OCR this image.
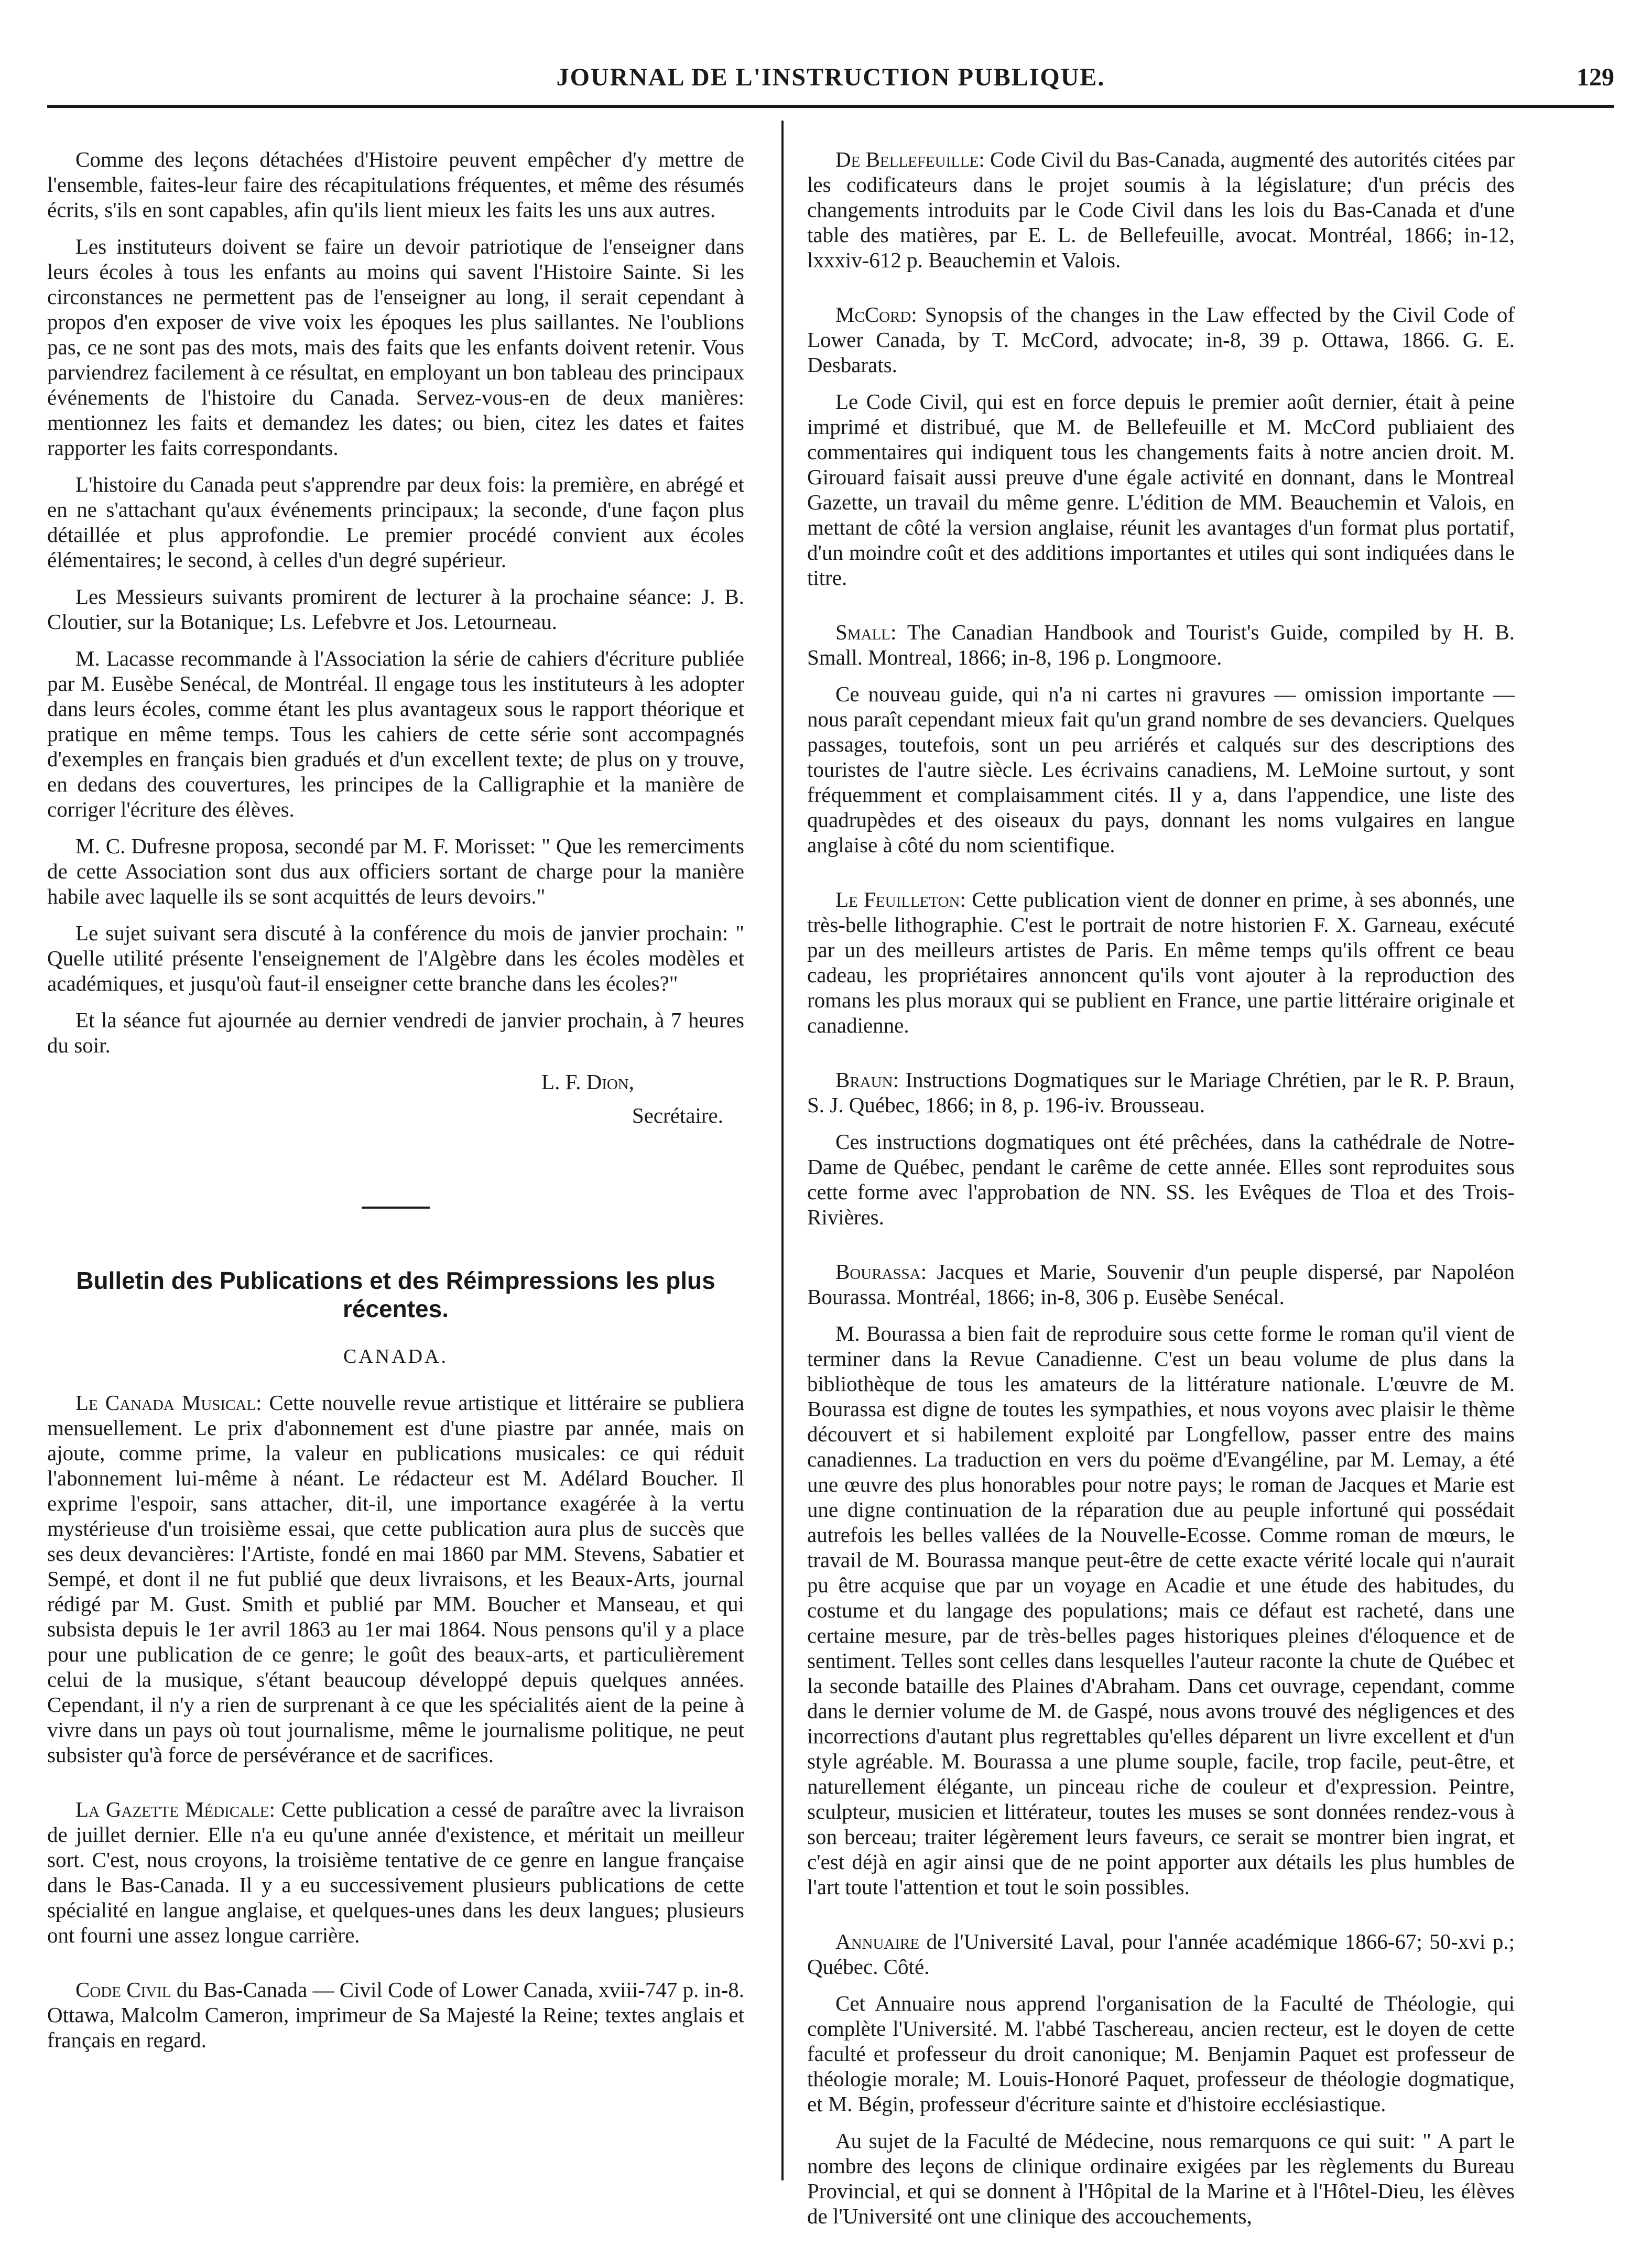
JOURNAL DE L'INSTRUCTION PUBLIQUE.	129

Comme des leçons détachées d'Histoire peuvent empêcher d'y mettre de l'ensemble, faites-leur faire des récapitulations fréquentes, et même des résumés écrits, s'ils en sont capables, afin qu'ils lient mieux les faits les uns aux autres.

Les instituteurs doivent se faire un devoir patriotique de l'enseigner dans leurs écoles à tous les enfants au moins qui savent l'Histoire Sainte. Si les circonstances ne permettent pas de l'enseigner au long, il serait cependant à propos d'en exposer de vive voix les époques les plus saillantes. Ne l'oublions pas, ce ne sont pas des mots, mais des faits que les enfants doivent retenir. Vous parviendrez facilement à ce résultat, en employant un bon tableau des principaux événements de l'histoire du Canada. Servez-vous-en de deux manières: mentionnez les faits et demandez les dates; ou bien, citez les dates et faites rapporter les faits correspondants.

L'histoire du Canada peut s'apprendre par deux fois: la première, en abrégé et en ne s'attachant qu'aux événements principaux; la seconde, d'une façon plus détaillée et plus approfondie. Le premier procédé convient aux écoles élémentaires; le second, à celles d'un degré supérieur.

Les Messieurs suivants promirent de lecturer à la prochaine séance: J. B. Cloutier, sur la Botanique; Ls. Lefebvre et Jos. Letourneau.

M. Lacasse recommande à l'Association la série de cahiers d'écriture publiée par M. Eusèbe Senécal, de Montréal. Il engage tous les instituteurs à les adopter dans leurs écoles, comme étant les plus avantageux sous le rapport théorique et pratique en même temps. Tous les cahiers de cette série sont accompagnés d'exemples en français bien gradués et d'un excellent texte; de plus on y trouve, en dedans des couvertures, les principes de la Calligraphie et la manière de corriger l'écriture des élèves.

M. C. Dufresne proposa, secondé par M. F. Morisset: " Que les remerciments de cette Association sont dus aux officiers sortant de charge pour la manière habile avec laquelle ils se sont acquittés de leurs devoirs."

Le sujet suivant sera discuté à la conférence du mois de janvier prochain: " Quelle utilité présente l'enseignement de l'Algèbre dans les écoles modèles et académiques, et jusqu'où faut-il enseigner cette branche dans les écoles?"

Et la séance fut ajournée au dernier vendredi de janvier prochain, à 7 heures du soir.

L. F. Dion,
Secrétaire.
Bulletin des Publications et des Réimpressions les plus récentes.
CANADA.

Le Canada Musical: Cette nouvelle revue artistique et littéraire se publiera mensuellement. Le prix d'abonnement est d'une piastre par année, mais on ajoute, comme prime, la valeur en publications musicales: ce qui réduit l'abonnement lui-même à néant. Le rédacteur est M. Adélard Boucher. Il exprime l'espoir, sans attacher, dit-il, une importance exagérée à la vertu mystérieuse d'un troisième essai, que cette publication aura plus de succès que ses deux devancières: l'Artiste, fondé en mai 1860 par MM. Stevens, Sabatier et Sempé, et dont il ne fut publié que deux livraisons, et les Beaux-Arts, journal rédigé par M. Gust. Smith et publié par MM. Boucher et Manseau, et qui subsista depuis le 1er avril 1863 au 1er mai 1864. Nous pensons qu'il y a place pour une publication de ce genre; le goût des beaux-arts, et particulièrement celui de la musique, s'étant beaucoup développé depuis quelques années. Cependant, il n'y a rien de surprenant à ce que les spécialités aient de la peine à vivre dans un pays où tout journalisme, même le journalisme politique, ne peut subsister qu'à force de persévérance et de sacrifices.

La Gazette Médicale: Cette publication a cessé de paraître avec la livraison de juillet dernier. Elle n'a eu qu'une année d'existence, et méritait un meilleur sort. C'est, nous croyons, la troisième tentative de ce genre en langue française dans le Bas-Canada. Il y a eu successivement plusieurs publications de cette spécialité en langue anglaise, et quelques-unes dans les deux langues; plusieurs ont fourni une assez longue carrière.

Code Civil du Bas-Canada — Civil Code of Lower Canada, xviii-747 p. in-8. Ottawa, Malcolm Cameron, imprimeur de Sa Majesté la Reine; textes anglais et français en regard.

De Bellefeuille: Code Civil du Bas-Canada, augmenté des autorités citées par les codificateurs dans le projet soumis à la législature; d'un précis des changements introduits par le Code Civil dans les lois du Bas-Canada et d'une table des matières, par E. L. de Bellefeuille, avocat. Montréal, 1866; in-12, lxxxiv-612 p. Beauchemin et Valois.

McCord: Synopsis of the changes in the Law effected by the Civil Code of Lower Canada, by T. McCord, advocate; in-8, 39 p. Ottawa, 1866. G. E. Desbarats.

Le Code Civil, qui est en force depuis le premier août dernier, était à peine imprimé et distribué, que M. de Bellefeuille et M. McCord publiaient des commentaires qui indiquent tous les changements faits à notre ancien droit. M. Girouard faisait aussi preuve d'une égale activité en donnant, dans le Montreal Gazette, un travail du même genre. L'édition de MM. Beauchemin et Valois, en mettant de côté la version anglaise, réunit les avantages d'un format plus portatif, d'un moindre coût et des additions importantes et utiles qui sont indiquées dans le titre.

Small: The Canadian Handbook and Tourist's Guide, compiled by H. B. Small. Montreal, 1866; in-8, 196 p. Longmoore.

Ce nouveau guide, qui n'a ni cartes ni gravures — omission importante — nous paraît cependant mieux fait qu'un grand nombre de ses devanciers. Quelques passages, toutefois, sont un peu arriérés et calqués sur des descriptions des touristes de l'autre siècle. Les écrivains canadiens, M. LeMoine surtout, y sont fréquemment et complaisamment cités. Il y a, dans l'appendice, une liste des quadrupèdes et des oiseaux du pays, donnant les noms vulgaires en langue anglaise à côté du nom scientifique.

Le Feuilleton: Cette publication vient de donner en prime, à ses abonnés, une très-belle lithographie. C'est le portrait de notre historien F. X. Garneau, exécuté par un des meilleurs artistes de Paris. En même temps qu'ils offrent ce beau cadeau, les propriétaires annoncent qu'ils vont ajouter à la reproduction des romans les plus moraux qui se publient en France, une partie littéraire originale et canadienne.

Braun: Instructions Dogmatiques sur le Mariage Chrétien, par le R. P. Braun, S. J. Québec, 1866; in 8, p. 196-iv. Brousseau.

Ces instructions dogmatiques ont été prêchées, dans la cathédrale de Notre-Dame de Québec, pendant le carême de cette année. Elles sont reproduites sous cette forme avec l'approbation de NN. SS. les Evêques de Tloa et des Trois-Rivières.

Bourassa: Jacques et Marie, Souvenir d'un peuple dispersé, par Napoléon Bourassa. Montréal, 1866; in-8, 306 p. Eusèbe Senécal.

M. Bourassa a bien fait de reproduire sous cette forme le roman qu'il vient de terminer dans la Revue Canadienne. C'est un beau volume de plus dans la bibliothèque de tous les amateurs de la littérature nationale. L'œuvre de M. Bourassa est digne de toutes les sympathies, et nous voyons avec plaisir le thème découvert et si habilement exploité par Longfellow, passer entre des mains canadiennes. La traduction en vers du poëme d'Evangéline, par M. Lemay, a été une œuvre des plus honorables pour notre pays; le roman de Jacques et Marie est une digne continuation de la réparation due au peuple infortuné qui possédait autrefois les belles vallées de la Nouvelle-Ecosse. Comme roman de mœurs, le travail de M. Bourassa manque peut-être de cette exacte vérité locale qui n'aurait pu être acquise que par un voyage en Acadie et une étude des habitudes, du costume et du langage des populations; mais ce défaut est racheté, dans une certaine mesure, par de très-belles pages historiques pleines d'éloquence et de sentiment. Telles sont celles dans lesquelles l'auteur raconte la chute de Québec et la seconde bataille des Plaines d'Abraham. Dans cet ouvrage, cependant, comme dans le dernier volume de M. de Gaspé, nous avons trouvé des négligences et des incorrections d'autant plus regrettables qu'elles déparent un livre excellent et d'un style agréable. M. Bourassa a une plume souple, facile, trop facile, peut-être, et naturellement élégante, un pinceau riche de couleur et d'expression. Peintre, sculpteur, musicien et littérateur, toutes les muses se sont données rendez-vous à son berceau; traiter légèrement leurs faveurs, ce serait se montrer bien ingrat, et c'est déjà en agir ainsi que de ne point apporter aux détails les plus humbles de l'art toute l'attention et tout le soin possibles.

Annuaire de l'Université Laval, pour l'année académique 1866-67; 50-xvi p.; Québec. Côté.

Cet Annuaire nous apprend l'organisation de la Faculté de Théologie, qui complète l'Université. M. l'abbé Taschereau, ancien recteur, est le doyen de cette faculté et professeur du droit canonique; M. Benjamin Paquet est professeur de théologie morale; M. Louis-Honoré Paquet, professeur de théologie dogmatique, et M. Bégin, professeur d'écriture sainte et d'histoire ecclésiastique.

Au sujet de la Faculté de Médecine, nous remarquons ce qui suit: " A part le nombre des leçons de clinique ordinaire exigées par les règlements du Bureau Provincial, et qui se donnent à l'Hôpital de la Marine et à l'Hôtel-Dieu, les élèves de l'Université ont une clinique des accouchements,
